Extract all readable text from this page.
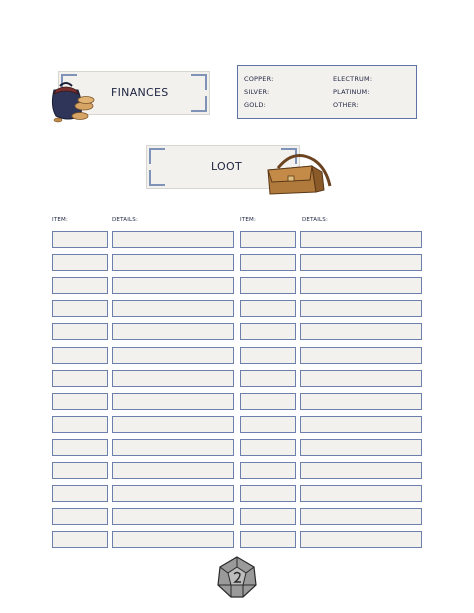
FINANCES
COPPER:
SILVER:
GOLD:
ELECTRUM:
PLATINUM:
OTHER:
LOOT
ITEM:	DETAILS:	ITEM:	DETAILS:
